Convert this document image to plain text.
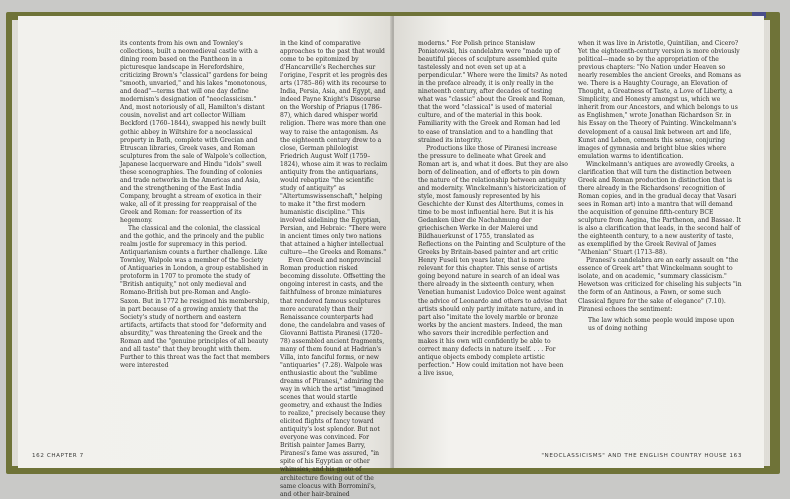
its contents from his own and Townley's collections, built a neomedieval castle with a dining room based on the Pantheon in a picturesque landscape in Herefordshire, criticizing Brown's "classical" gardens for being "smooth, unvaried," and his lakes "monotonous, and dead"—terms that will one day define modernism's designation of "neoclassicism." And, most notoriously of all, Hamilton's distant cousin, novelist and art collector William Beckford (1760–1844), swapped his newly built gothic abbey in Wiltshire for a neoclassical property in Bath, complete with Grecian and Etruscan libraries, Greek vases, and Roman sculptures from the sale of Walpole's collection, Japanese lacquerware and Hindu "idols" swell these scenographies. The founding of colonies and trade networks in the Americas and Asia, and the strengthening of the East India Company, brought a stream of exotica in their wake, all of it pressing for reappraisal of the Greek and Roman: for reassertion of its hegemony.

The classical and the colonial, the classical and the gothic, and the princely and the public realm jostle for supremacy in this period. Antiquarianism counts a further challenge. Like Townley, Walpole was a member of the Society of Antiquaries in London, a group established in protoform in 1707 to promote the study of "British antiquity," not only medieval and Romano-British but pre-Roman and Anglo-Saxon. But in 1772 he resigned his membership, in part because of a growing anxiety that the Society's study of northern and eastern artifacts, artifacts that stood for "deformity and absurdity," was threatening the Greek and the Roman and the "genuine principles of all beauty and all taste" that they brought with them. Further to this threat was the fact that members were interested

in the kind of comparative approaches to the past that would come to be epitomized by d'Hancarville's Recherches sur l'origine, l'esprit et les progrès des arts (1785–86) with its recourse to India, Persia, Asia, and Egypt, and indeed Payne Knight's Discourse on the Worship of Priapus (1786–87), which dared whisper world religion. There was more than one way to raise the antagonism. As the eighteenth century drew to a close, German philologist Friedrich August Wolf (1759–1824), whose aim it was to reclaim antiquity from the antiquarians, would rebaptize "the scientific study of antiquity" as "Altertumswissenschaft," helping to make it "the first modern humanistic discipline." This involved sidelining the Egyptian, Persian, and Hebraic: "There were in ancient times only two nations that attained a higher intellectual culture—the Greeks and Romans."

Even Greek and nonprovincial Roman production risked becoming dissolute. Offsetting the ongoing interest in casts, and the faithfulness of bronze miniatures that rendered famous sculptures more accurately than their Renaissance counterparts had done, the candelabra and vases of Giovanni Battista Piranesi (1720–78) assembled ancient fragments, many of them found at Hadrian's Villa, into fanciful forms, or new "antiquaries" (7.28). Walpole was enthusiastic about the "sublime dreams of Piranesi," admiring the way in which the artist "imagined scenes that would startle geometry, and exhaust the Indies to realize," precisely because they elicited flights of fancy toward antiquity's lost splendor. But not everyone was convinced. For British painter James Barry, Piranesi's fame was assured, "in spite of his Egyptian or other whimsies, and his gusto of architecture flowing out of the same cloacus with Borromini's, and other hair-brained

162 CHAPTER 7

moderns." For Polish prince Stanisław Poniatowski, his candelabra were "made up of beautiful pieces of sculpture assembled quite tastelessly and not even set up at a perpendicular." Where were the limits? As noted in the preface already, it is only really in the nineteenth century, after decades of testing what was "classic" about the Greek and Roman, that the word "classical" is used of material culture, and of the material in this book. Familiarity with the Greek and Roman had led to ease of translation and to a handling that strained its integrity.

Productions like those of Piranesi increase the pressure to delineate what Greek and Roman art is, and what it does. But they are also born of delineation, and of efforts to pin down the nature of the relationship between antiquity and modernity. Winckelmann's historicization of style, most famously represented by his Geschichte der Kunst des Alterthums, comes in time to be most influential here. But it is his Gedanken über die Nachahmung der griechischen Werke in der Malerei und Bildhauerkunst of 1755, translated as Reflections on the Painting and Sculpture of the Greeks by Britain-based painter and art critic Henry Fuseli ten years later, that is more relevant for this chapter. This sense of artists going beyond nature in search of an ideal was there already in the sixteenth century, when Venetian humanist Ludovico Dolce went against the advice of Leonardo and others to advise that artists should only partly imitate nature, and in part also "imitate the lovely marble or bronze works by the ancient masters. Indeed, the man who savors their incredible perfection and makes it his own will confidently be able to correct many defects in nature itself. . . . For antique objects embody complete artistic perfection." How could imitation not have been a live issue,

when it was live in Aristotle, Quintilian, and Cicero? Yet the eighteenth-century version is more obviously political—made so by the appropriation of the previous chapters: "No Nation under Heaven so nearly resembles the ancient Greeks, and Romans as we. There is a Haughty Courage, an Elevation of Thought, a Greatness of Taste, a Love of Liberty, a Simplicity, and Honesty amongst us, which we inherit from our Ancestors, and which belongs to us as Englishmen," wrote Jonathan Richardson Sr. in his Essay on the Theory of Painting. Winckelmann's development of a causal link between art and life, Kunst and Leben, cements this sense, conjuring images of gymnasia and bright blue skies where emulation warms to identification.

Winckelmann's antiques are avowedly Greeks, a clarification that will turn the distinction between Greek and Roman production in distinction that is there already in the Richardsons' recognition of Roman copies, and in the gradual decay that Vasari sees in Roman art) into a mantra that will demand the acquisition of genuine fifth-century BCE sculpture from Aegina, the Parthenon, and Bassae. It is also a clarification that leads, in the second half of the eighteenth century, to a new austerity of taste, as exemplified by the Greek Revival of James "Athenian" Stuart (1713–88).

Piranesi's candelabra are an early assault on "the essence of Greek art" that Winckelmann sought to isolate, and on academic, "summary classicism." Hewetson was criticized for chiseling his subjects "in the form of an Antinous, a Fawn, or some such Classical figure for the sake of elegance" (7.10). Piranesi echoes the sentiment:

The law which some people would impose upon us of doing nothing

"NEOCLASSICISMS" AND THE ENGLISH COUNTRY HOUSE 163
